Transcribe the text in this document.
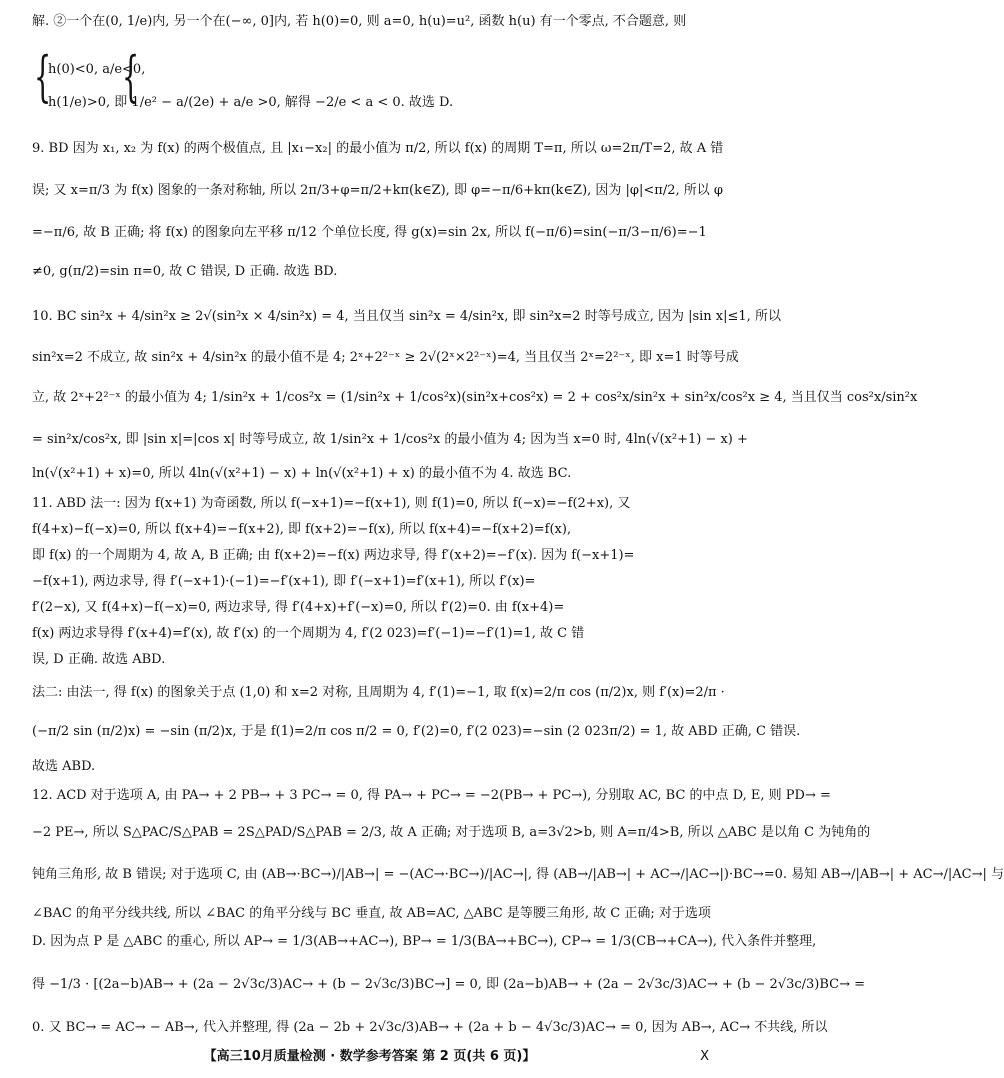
解. ②一个在(0, 1/e)内, 另一个在(−∞, 0]内, 若 h(0)=0, 则 a=0, h(u)=u², 函数 h(u) 有一个零点, 不合题意, 则
{ {
h(0)<0, a/e<0,
h(1/e)>0, 即 1/e² − a/(2e) + a/e >0, 解得 −2/e < a < 0. 故选 D.
9. BD 因为 x₁, x₂ 为 f(x) 的两个极值点, 且 |x₁−x₂| 的最小值为 π/2, 所以 f(x) 的周期 T=π, 所以 ω=2π/T=2, 故 A 错
误; 又 x=π/3 为 f(x) 图象的一条对称轴, 所以 2π/3+φ=π/2+kπ(k∈Z), 即 φ=−π/6+kπ(k∈Z), 因为 |φ|<π/2, 所以 φ
=−π/6, 故 B 正确; 将 f(x) 的图象向左平移 π/12 个单位长度, 得 g(x)=sin 2x, 所以 f(−π/6)=sin(−π/3−π/6)=−1
≠0, g(π/2)=sin π=0, 故 C 错误, D 正确. 故选 BD.
10. BC sin²x + 4/sin²x ≥ 2√(sin²x × 4/sin²x) = 4, 当且仅当 sin²x = 4/sin²x, 即 sin²x=2 时等号成立, 因为 |sin x|≤1, 所以
sin²x=2 不成立, 故 sin²x + 4/sin²x 的最小值不是 4; 2ˣ+2²⁻ˣ ≥ 2√(2ˣ×2²⁻ˣ)=4, 当且仅当 2ˣ=2²⁻ˣ, 即 x=1 时等号成
立, 故 2ˣ+2²⁻ˣ 的最小值为 4; 1/sin²x + 1/cos²x = (1/sin²x + 1/cos²x)(sin²x+cos²x) = 2 + cos²x/sin²x + sin²x/cos²x ≥ 4, 当且仅当 cos²x/sin²x
= sin²x/cos²x, 即 |sin x|=|cos x| 时等号成立, 故 1/sin²x + 1/cos²x 的最小值为 4; 因为当 x=0 时, 4ln(√(x²+1) − x) +
ln(√(x²+1) + x)=0, 所以 4ln(√(x²+1) − x) + ln(√(x²+1) + x) 的最小值不为 4. 故选 BC.
11. ABD 法一: 因为 f(x+1) 为奇函数, 所以 f(−x+1)=−f(x+1), 则 f(1)=0, 所以 f(−x)=−f(2+x), 又
f(4+x)−f(−x)=0, 所以 f(x+4)=−f(x+2), 即 f(x+2)=−f(x), 所以 f(x+4)=−f(x+2)=f(x),
即 f(x) 的一个周期为 4, 故 A, B 正确; 由 f(x+2)=−f(x) 两边求导, 得 f′(x+2)=−f′(x). 因为 f(−x+1)=
−f(x+1), 两边求导, 得 f′(−x+1)·(−1)=−f′(x+1), 即 f′(−x+1)=f′(x+1), 所以 f′(x)=
f′(2−x), 又 f(4+x)−f(−x)=0, 两边求导, 得 f′(4+x)+f′(−x)=0, 所以 f′(2)=0. 由 f(x+4)=
f(x) 两边求导得 f′(x+4)=f′(x), 故 f′(x) 的一个周期为 4, f′(2 023)=f′(−1)=−f′(1)=1, 故 C 错
误, D 正确. 故选 ABD.
法二: 由法一, 得 f(x) 的图象关于点 (1,0) 和 x=2 对称, 且周期为 4, f′(1)=−1, 取 f(x)=2/π cos (π/2)x, 则 f′(x)=2/π ·
(−π/2 sin (π/2)x) = −sin (π/2)x, 于是 f(1)=2/π cos π/2 = 0, f′(2)=0, f′(2 023)=−sin (2 023π/2) = 1, 故 ABD 正确, C 错误.
故选 ABD.
12. ACD 对于选项 A, 由 PA→ + 2 PB→ + 3 PC→ = 0, 得 PA→ + PC→ = −2(PB→ + PC→), 分别取 AC, BC 的中点 D, E, 则 PD→ =
−2 PE→, 所以 S△PAC/S△PAB = 2S△PAD/S△PAB = 2/3, 故 A 正确; 对于选项 B, a=3√2>b, 则 A=π/4>B, 所以 △ABC 是以角 C 为钝角的
钝角三角形, 故 B 错误; 对于选项 C, 由 (AB→·BC→)/|AB→| = −(AC→·BC→)/|AC→|, 得 (AB→/|AB→| + AC→/|AC→|)·BC→=0. 易知 AB→/|AB→| + AC→/|AC→| 与
∠BAC 的角平分线共线, 所以 ∠BAC 的角平分线与 BC 垂直, 故 AB=AC, △ABC 是等腰三角形, 故 C 正确; 对于选项
D. 因为点 P 是 △ABC 的重心, 所以 AP→ = 1/3(AB→+AC→), BP→ = 1/3(BA→+BC→), CP→ = 1/3(CB→+CA→), 代入条件并整理,
得 −1/3 · [(2a−b)AB→ + (2a − 2√3c/3)AC→ + (b − 2√3c/3)BC→] = 0, 即 (2a−b)AB→ + (2a − 2√3c/3)AC→ + (b − 2√3c/3)BC→ =
0. 又 BC→ = AC→ − AB→, 代入并整理, 得 (2a − 2b + 2√3c/3)AB→ + (2a + b − 4√3c/3)AC→ = 0, 因为 AB→, AC→ 不共线, 所以
【高三10月质量检测 · 数学参考答案 第 2 页(共 6 页)】	X
